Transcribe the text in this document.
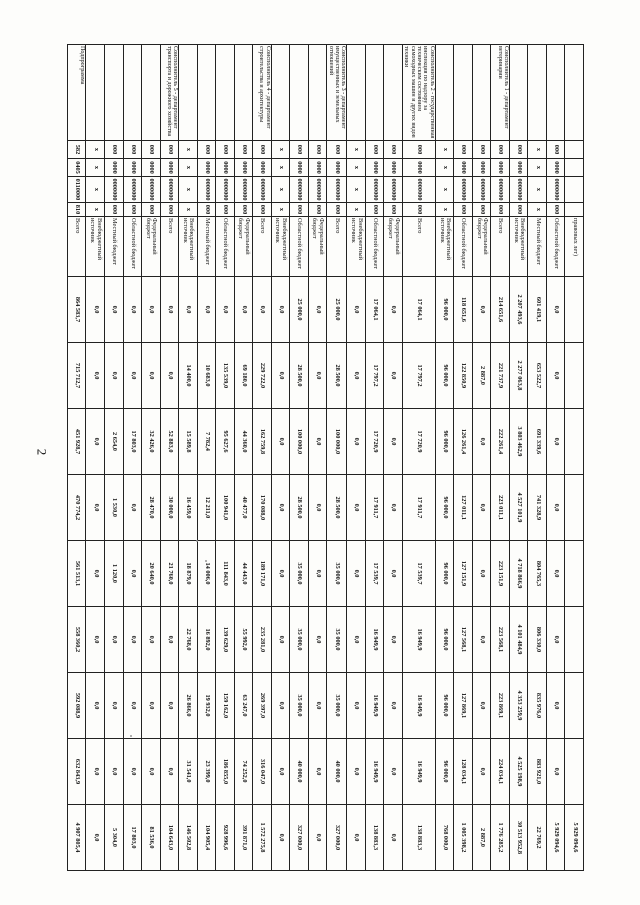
2
					правовых лет)									5 929 094,6
	000	0000	0000000	000	Областной бюджет	0,0	0,0	0,0	0,0	0,0	0,0	0,0	0,0	5 929 094,6
	х	х	х	х	Местный бюджет	601 419,1	653 522,7	691 339,6	741 328,9	804 765,3	806 330,0	835 976,0	883 921,0	22 769,2
	000	0000	0000000	000	Внебюджетный источник	2 207 493,6	2 277 063,8	3 803 462,9	4 527 101,9	4 718 866,9	4 101 484,9	4 353 259,9	4 525 198,9	30 513 952,8
Соисполнитель 1 - департамент ветеринарии	000	0000	0000000	000	Всего	214 651,6	221 737,9	222 261,4	223 011,1	223 151,9	223 568,1	223 869,1	224 034,1	1 776 285,2
	000	0000	0000000	000	Федеральный бюджет	0,0	2 887,0	0,0	0,0	0,0	0,0	0,0	0,0	2 887,0
	000	0000	0000000	000	Областной бюджет	118 651,6	122 850,9	126 261,4	127 011,1	127 151,9	127 568,1	127 869,1	128 034,1	1 005 398,2
	х	х	х	х	Внебюджетный источник	96 000,0	96 000,0	96 000,0	96 000,0	96 000,0	96 000,0	96 000,0	96 000,0	768 000,0
Соисполнитель 2 - государственная инспекция по надзору за техническим состоянием самоходных машин и других видов техники	000	0000	0000000	000	Всего	17 064,1	17 797,2	17 720,9	17 911,7	17 539,7	16 949,9	16 949,9	16 949,9	138 883,3
	000	0000	0000000	000	Федеральный бюджет	0,0	0,0	0,0	0,0	0,0	0,0	0,0	0,0	0,0
	000	0000	0000000	000	Областной бюджет	17 064,1	17 797,2	17 720,9	17 911,7	17 539,7	16 949,9	16 949,9	16 949,9	138 883,3
	х	х	х	х	Внебюджетный источник	0,0	0,0	0,0	0,0	0,0	0,0	0,0	0,0	0,0
Соисполнитель 3 - департамент имущественных и земельных отношений	000	0000	0000000	000	Всего	25 000,0	28 500,0	100 000,0	28 500,0	35 000,0	35 000,0	35 000,0	40 000,0	327 000,0
	000	0000	0000000	000	Федеральный бюджет	0,0	0,0	0,0	0,0	0,0	0,0	0,0	0,0	0,0
	000	0000	0000000	000	Областной бюджет	25 000,0	28 500,0	100 000,0	28 500,0	35 000,0	35 000,0	35 000,0	40 000,0	327 000,0
	х	х	х	х	Внебюджетный источник	0,0	0,0	0,0	0,0	0,0	0,0	0,0	0,0	0,0
Соисполнитель 4 - департамент строительства и архитектуры	000	0000	0000000	000	Всего	0,0	229 722,0	162 759,8	170 088,0	189 171,0	235 281,0	269 397,0	316 047,0	1 572 275,8
	000	0000	0000000	000	Федеральный бюджет	0,0	69 180,0	44 360,0	40 477,0	44 443,0	55 992,0	63 247,0	74 252,0	391 871,0
	000	0000	0000000	000	Областной бюджет	0,0	135 539,0	95 627,6	100 941,0	111 843,0	139 629,0	159 162,0	186 855,0	928 996,6
	000	0000	0000000	000	Местный бюджет	0,0	10 683,0	7 782,4	12 211,0	14 006,0	16 892,0	19 932,0	23 399,0	104 905,4
	х	х	х	х	Внебюджетный источник	0,0	14 400,0	15 589,8	16 459,0	18 879,0	22 768,0	26 866,0	31 541,0	146 502,8
Соисполнитель 5 - департамент транспорта и дорожного хозяйства	000	0000	0000000	000	Всего	0,0	0,0	52 883,0	30 000,0	21 760,0	0,0	0,0	0,0	104 643,0
	000	0000	0000000	000	Федеральный бюджет	0,0	0,0	32 426,0	28 470,0	20 640,0	0,0	0,0	0,0	81 536,0
	000	0000	0000000	000	Областной бюджет	0,0	0,0	17 803,0	0,0	0,0	0,0	0,0	0,0	17 803,0
	000	0000	0000000	000	Местный бюджет	0,0	0,0	2 654,0	1 530,0	1 120,0	0,0	0,0	0,0	5 304,0
	х	х	х	х	Внебюджетный источник	0,0	0,0	0,0	0,0	0,0	0,0	0,0	0,0	0,0
Подпрограмма	582	0405	0110000	810	Всего	864 583,7	715 712,7	451 928,7	470 774,2	561 513,1	558 360,2	592 088,9	632 843,9	4 907 805,4
